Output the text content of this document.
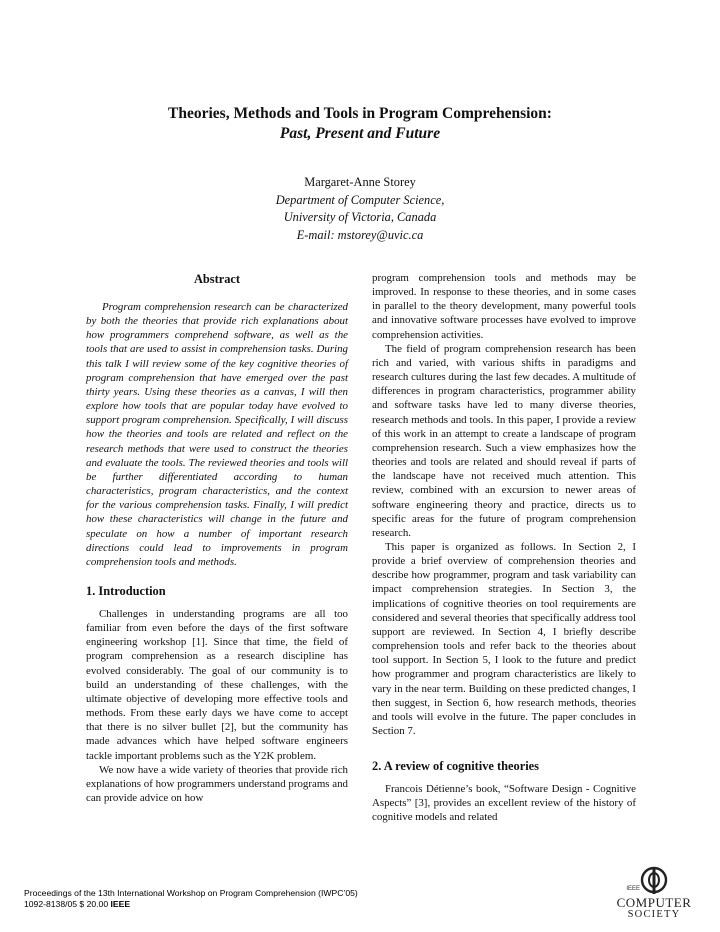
Theories, Methods and Tools in Program Comprehension:
Past, Present and Future
Margaret-Anne Storey
Department of Computer Science,
University of Victoria, Canada
E-mail: mstorey@uvic.ca
Abstract

Program comprehension research can be characterized by both the theories that provide rich explanations about how programmers comprehend software, as well as the tools that are used to assist in comprehension tasks. During this talk I will review some of the key cognitive theories of program comprehension that have emerged over the past thirty years. Using these theories as a canvas, I will then explore how tools that are popular today have evolved to support program comprehension. Specifically, I will discuss how the theories and tools are related and reflect on the research methods that were used to construct the theories and evaluate the tools. The reviewed theories and tools will be further differentiated according to human characteristics, program characteristics, and the context for the various comprehension tasks. Finally, I will predict how these characteristics will change in the future and speculate on how a number of important research directions could lead to improvements in program comprehension tools and methods.

1. Introduction

Challenges in understanding programs are all too familiar from even before the days of the first software engineering workshop [1]. Since that time, the field of program comprehension as a research discipline has evolved considerably. The goal of our community is to build an understanding of these challenges, with the ultimate objective of developing more effective tools and methods. From these early days we have come to accept that there is no silver bullet [2], but the community has made advances which have helped software engineers tackle important problems such as the Y2K problem.

We now have a wide variety of theories that provide rich explanations of how programmers understand programs and can provide advice on how

program comprehension tools and methods may be improved. In response to these theories, and in some cases in parallel to the theory development, many powerful tools and innovative software processes have evolved to improve comprehension activities.

The field of program comprehension research has been rich and varied, with various shifts in paradigms and research cultures during the last few decades. A multitude of differences in program characteristics, programmer ability and software tasks have led to many diverse theories, research methods and tools. In this paper, I provide a review of this work in an attempt to create a landscape of program comprehension research. Such a view emphasizes how the theories and tools are related and should reveal if parts of the landscape have not received much attention. This review, combined with an excursion to newer areas of software engineering theory and practice, directs us to specific areas for the future of program comprehension research.

This paper is organized as follows. In Section 2, I provide a brief overview of comprehension theories and describe how programmer, program and task variability can impact comprehension strategies. In Section 3, the implications of cognitive theories on tool requirements are considered and several theories that specifically address tool support are reviewed. In Section 4, I briefly describe comprehension tools and refer back to the theories about tool support. In Section 5, I look to the future and predict how programmer and program characteristics are likely to vary in the near term. Building on these predicted changes, I then suggest, in Section 6, how research methods, theories and tools will evolve in the future. The paper concludes in Section 7.

2. A review of cognitive theories

Francois Détienne’s book, “Software Design - Cognitive Aspects” [3], provides an excellent review of the history of cognitive models and related

Proceedings of the 13th International Workshop on Program Comprehension (IWPC’05)
1092-8138/05 $ 20.00 IEEE
IEEE
COMPUTER
SOCIETY
